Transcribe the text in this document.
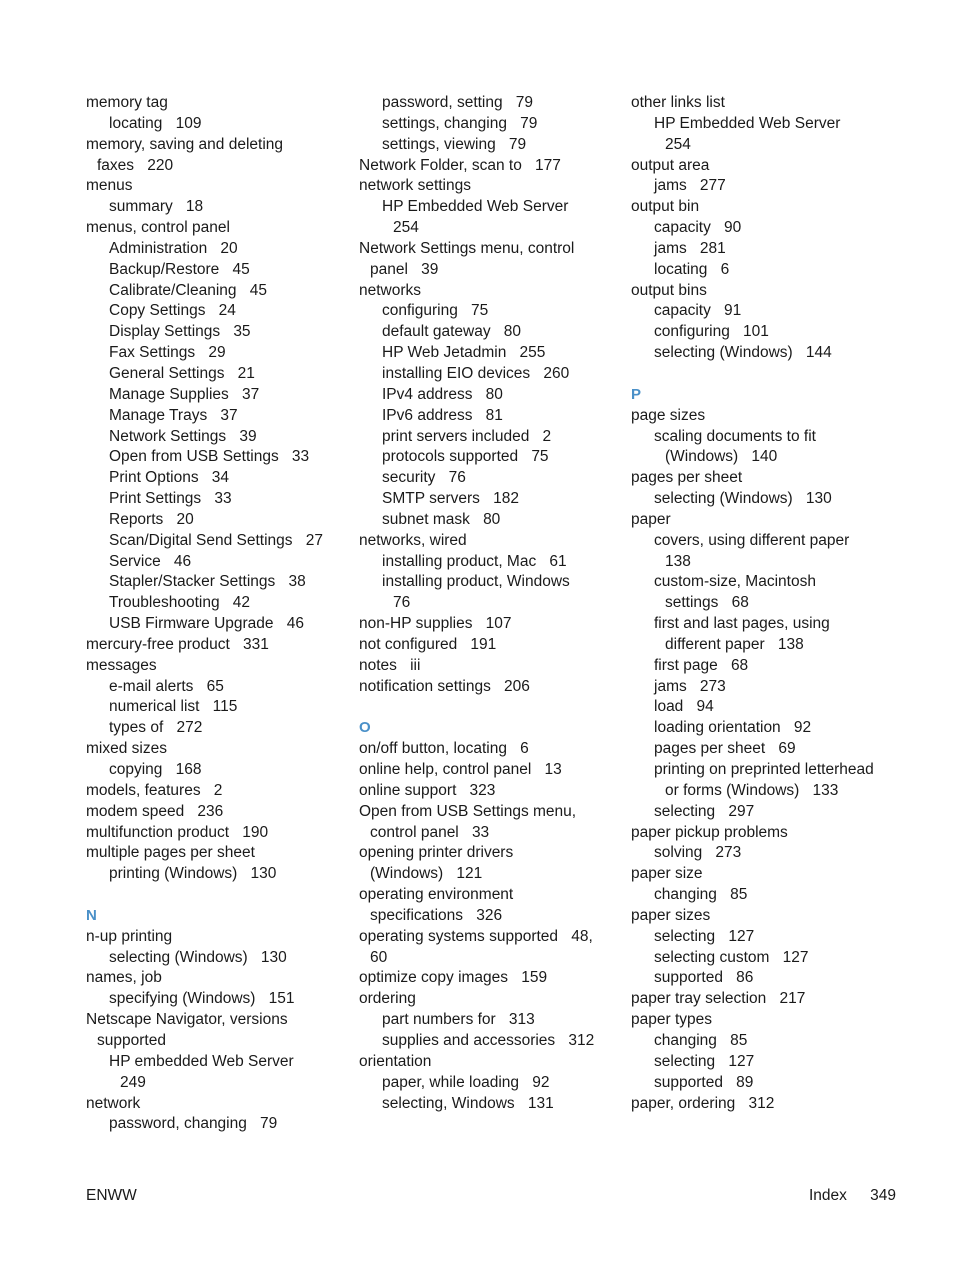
memory tag
locating 109
memory, saving and deleting
faxes 220
menus
summary 18
menus, control panel
Administration 20
Backup/Restore 45
Calibrate/Cleaning 45
Copy Settings 24
Display Settings 35
Fax Settings 29
General Settings 21
Manage Supplies 37
Manage Trays 37
Network Settings 39
Open from USB Settings 33
Print Options 34
Print Settings 33
Reports 20
Scan/Digital Send Settings 27
Service 46
Stapler/Stacker Settings 38
Troubleshooting 42
USB Firmware Upgrade 46
mercury-free product 331
messages
e-mail alerts 65
numerical list 115
types of 272
mixed sizes
copying 168
models, features 2
modem speed 236
multifunction product 190
multiple pages per sheet
printing (Windows) 130
N
n-up printing
selecting (Windows) 130
names, job
specifying (Windows) 151
Netscape Navigator, versions
supported
HP embedded Web Server
249
network
password, changing 79
password, setting 79
settings, changing 79
settings, viewing 79
Network Folder, scan to 177
network settings
HP Embedded Web Server
254
Network Settings menu, control
panel 39
networks
configuring 75
default gateway 80
HP Web Jetadmin 255
installing EIO devices 260
IPv4 address 80
IPv6 address 81
print servers included 2
protocols supported 75
security 76
SMTP servers 182
subnet mask 80
networks, wired
installing product, Mac 61
installing product, Windows
76
non-HP supplies 107
not configured 191
notes iii
notification settings 206
O
on/off button, locating 6
online help, control panel 13
online support 323
Open from USB Settings menu,
control panel 33
opening printer drivers
(Windows) 121
operating environment
specifications 326
operating systems supported 48,
60
optimize copy images 159
ordering
part numbers for 313
supplies and accessories 312
orientation
paper, while loading 92
selecting, Windows 131
other links list
HP Embedded Web Server
254
output area
jams 277
output bin
capacity 90
jams 281
locating 6
output bins
capacity 91
configuring 101
selecting (Windows) 144
P
page sizes
scaling documents to fit
(Windows) 140
pages per sheet
selecting (Windows) 130
paper
covers, using different paper
138
custom-size, Macintosh
settings 68
first and last pages, using
different paper 138
first page 68
jams 273
load 94
loading orientation 92
pages per sheet 69
printing on preprinted letterhead
or forms (Windows) 133
selecting 297
paper pickup problems
solving 273
paper size
changing 85
paper sizes
selecting 127
selecting custom 127
supported 86
paper tray selection 217
paper types
changing 85
selecting 127
supported 89
paper, ordering 312
ENWW	Index 349
